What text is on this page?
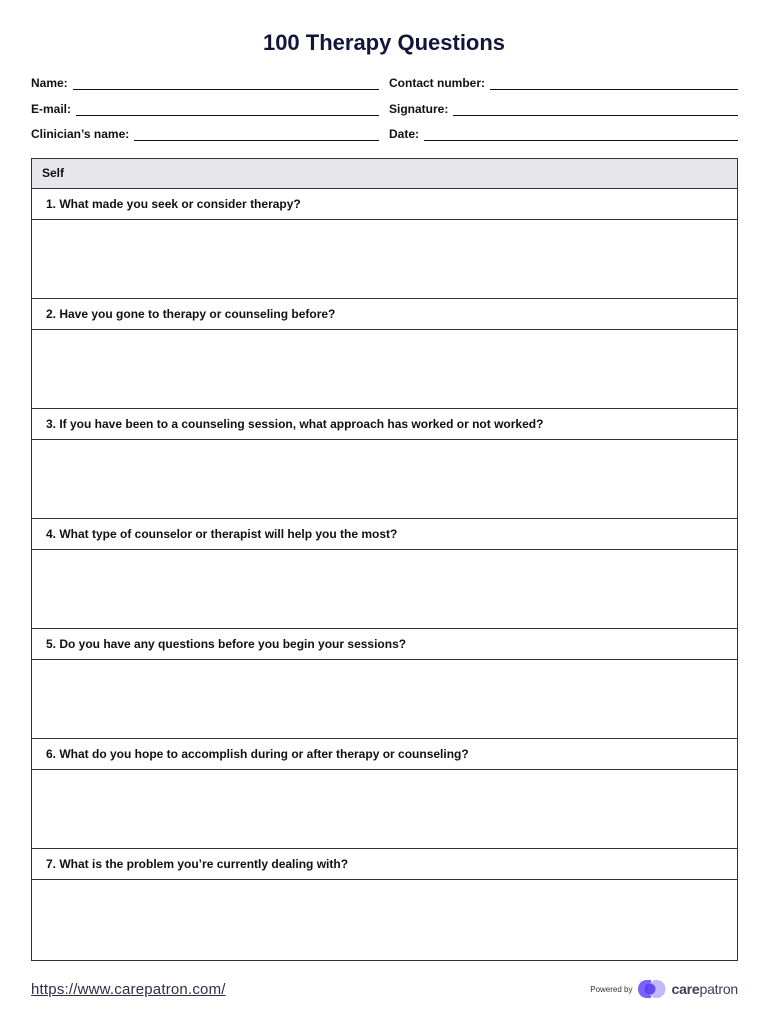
100 Therapy Questions
Name:	Contact number:
E-mail:	Signature:
Clinician’s name:	Date:
Self
1. What made you seek or consider therapy?
2. Have you gone to therapy or counseling before?
3. If you have been to a counseling session, what approach has worked or not worked?
4. What type of counselor or therapist will help you the most?
5. Do you have any questions before you begin your sessions?
6. What do you hope to accomplish during or after therapy or counseling?
7. What is the problem you’re currently dealing with?
https://www.carepatron.com/	Powered by	carepatron
